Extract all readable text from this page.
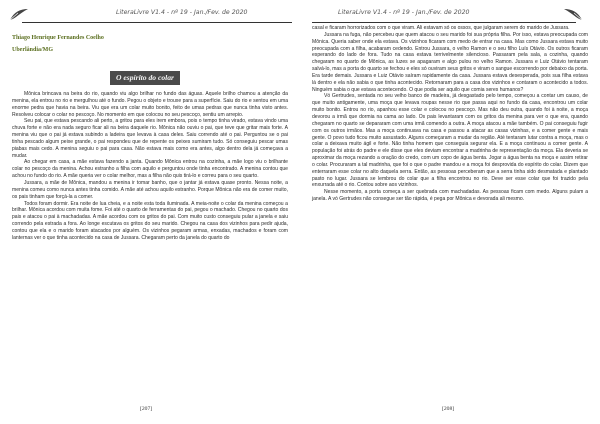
LiteraLivre V1.4 - nº 19 - Jan./Fev. de 2020
Thiago Henrique Fernandes Coelho
Uberlândia/MG
O espírito do colar

Mônica brincava na beira do rio, quando viu algo brilhar no fundo das águas. Aquele brilho chamou a atenção da menina, ela entrou no rio e mergulhou até o fundo. Pegou o objeto e trouxe para a superfície. Saiu do rio e sentou em uma enorme pedra que havia na beira. Viu que era um colar muito bonito, feito de umas pedras que nunca tinha visto antes. Resolveu colocar o colar no pescoço. No momento em que colocou no seu pescoço, sentiu um arrepio.

Seu pai, que estava pescando ali perto, a gritou para eles irem embora, pois o tempo tinha virado, estava vindo uma chuva forte e não era nada seguro ficar ali na beira daquele rio. Mônica não ouviu o pai, que teve que gritar mais forte. A menina viu que o pai já estava subindo a ladeira que levava à casa deles. Saiu correndo até o pai. Perguntou se o pai tinha pescado algum peixe grande, o pai respondeu que de repente os peixes sumiram tudo. Só conseguiu pescar umas piabas mais cedo. A menina seguiu o pai para casa. Não estava mais como era antes, algo dentro dela já começava a mudar.

Ao chegar em casa, a mãe estava fazendo a janta. Quando Mônica entrou na cozinha, a mãe logo viu o brilhante colar no pescoço da menina. Achou estranho a filha com aquilo e perguntou onde tinha encontrado. A menina contou que achou no fundo do rio. A mãe queria ver o colar melhor, mas a filha não quis tirá-lo e correu para o seu quarto.

Jussara, a mãe de Mônica, mandou a menina ir tomar banho, que o jantar já estava quase pronto. Nessa noite, a menina comeu como nunca antes tinha comido. A mãe até achou aquilo estranho. Porque Mônica não era de comer muito, os pais tinham que forçá-la a comer.

Todos foram dormir. Era noite de lua cheia, e a noite esta toda iluminada. A meia-noite o colar da menina começou a brilhar. Mônica acordou com muita fome. Foi até o quarto de ferramentas do pai, pegou o machado. Chegou no quarto dos pais e atacou o pai à machadadas. A mãe acordou com os gritos do pai. Com muito custo conseguiu pular a janela e saiu correndo pela estrada a fora. Ao longe escutava os gritos do seu marido. Chegou na casa dos vizinhos para pedir ajuda, contou que ela e o marido foram atacados por alguém. Os vizinhos pegaram armas, enxadas, machados e foram com lanternas ver o que tinha acontecido na casa de Jussara. Chegaram perto da janela do quarto do

[207]
LiteraLivre V1.4 - nº 19 - Jan./Fev. de 2020

casal e ficaram horrorizados com o que viram. Ali estavam só os ossos, que julgaram serem do marido de Jussara.

Jussara na fuga, não percebeu que quem atacou o seu marido foi sua própria filha. Por isso, estava preocupada com Mônica. Queria saber onde ela estava. Os vizinhos ficaram com medo de entrar na casa. Mas como Jussara estava muito preocupada com a filha, acabaram cedendo. Entrou Jussara, o velho Ramon e o seu filho Luís Otávio. Os outros ficaram esperando do lado de fora. Tudo na casa estava terrivelmente silencioso. Passaram pela sala, a cozinha, quando chegaram no quarto de Mônica, as luzes se apagaram e algo pulou no velho Ramon. Jussara e Luiz Otávio tentaram salvá-lo, mas a porta do quarto se fechou e eles só ouviram seus gritos e viram o sangue escorrendo por debaixo da porta. Era tarde demais. Jussara e Luiz Otávio saíram rapidamente da casa. Jussara estava desesperada, pois sua filha estava lá dentro e ela não sabia o que tinha acontecido. Retornaram para a casa dos vizinhos e contaram o acontecido a todos. Ninguém sabia o que estava acontecendo. O que podia ser aquilo que comia seres humanos?

Vó Gertrudes, sentada no seu velho banco de madeira, já desgastado pelo tempo, começou a contar um causo, de que muito antigamente, uma moça que levava roupas nesse rio que passa aqui no fundo da casa, encontrou um colar muito bonito. Entrou no rio, apanhou esse colar e colocou no pescoço. Mas não deu outra, quando foi à noite, a moça devorou a irmã que dormia na cama ao lado. Os pais levantaram com os gritos da menina para ver o que era, quando chegaram no quarto se depararam com uma irmã comendo a outra. A moça atacou a mãe também. O pai conseguiu fugir com os outros irmãos. Mas a moça continuava na casa e passou a atacar as casas vizinhas, e a comer gente e mais gente. O povo tudo ficou muito assustado. Alguns começaram a mudar da região. Até tentaram lutar contra a moça, mas o colar a deixava muito ágil e forte. Não tinha homem que conseguia segurar ela. E a moça continuou a comer gente. A população foi atrás do padre e ele disse que eles deviam encontrar a madrinha de representação da moça. Ela deveria se aproximar da moça rezando a oração do credo, com um copo de água benta. Jogar a água benta na moça e assim retirar o colar. Procuraram a tal madrinha, que foi o que o padre mandou e a moça foi desprovida do espírito do colar. Dizem que enterraram esse colar no alto daquela serra. Então, as pessoas perceberam que a serra tinha sido desmatada e plantado pasto no lugar. Jussara se lembrou do colar que a filha encontrou no rio. Deve ser esse colar que foi trazido pela enxurrada até o rio. Contou sobre aos vizinhos.

Nesse momento, a porta começa a ser quebrada com machadadas. As pessoas ficam com medo. Alguns pulam a janela. A vó Gertrudes não consegue ser tão rápida, é pega por Mônica e devorada ali mesmo.

[208]
